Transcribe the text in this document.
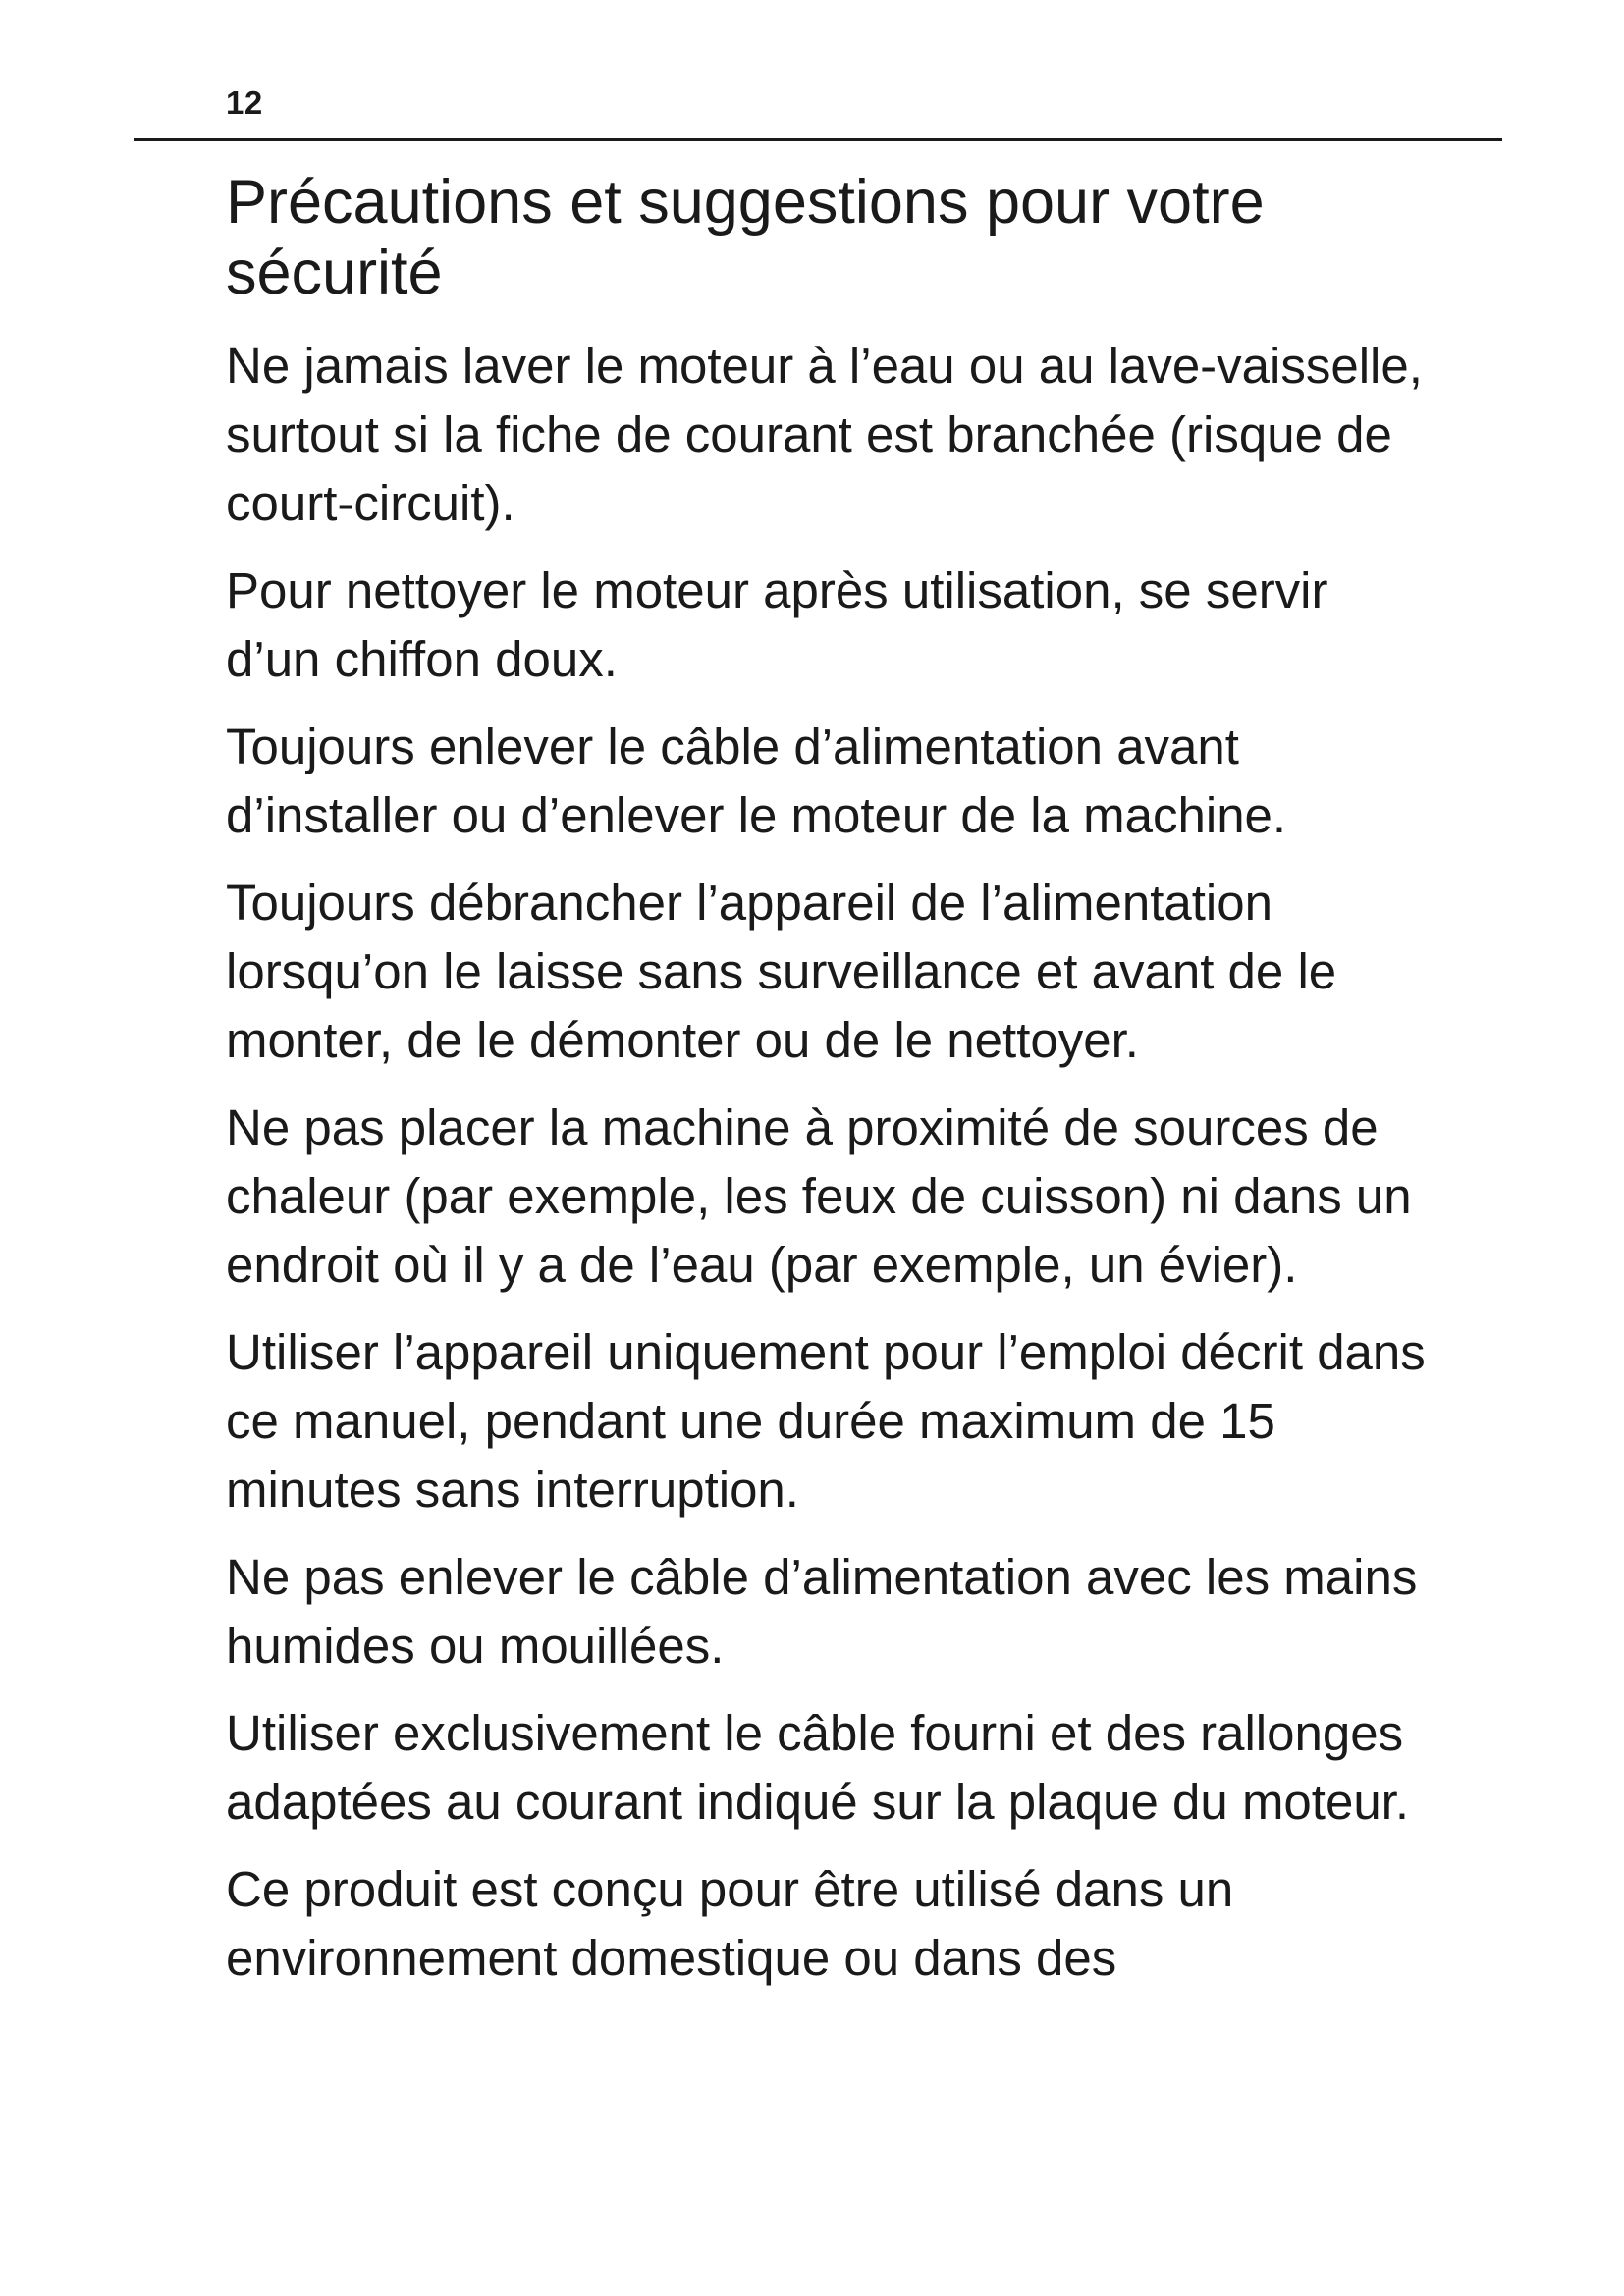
12
Précautions et suggestions pour votre sécurité

Ne jamais laver le moteur à l’eau ou au lave-vaisselle, surtout si la fiche de courant est branchée (risque de court-circuit).

Pour nettoyer le moteur après utilisation, se servir d’un chiffon doux.

Toujours enlever le câble d’alimentation avant d’installer ou d’enlever le moteur de la machine.

Toujours débrancher l’appareil de l’alimentation lorsqu’on le laisse sans surveillance et avant de le monter, de le démonter ou de le nettoyer.

Ne pas placer la machine à proximité de sources de chaleur (par exemple, les feux de cuisson) ni dans un endroit où il y a de l’eau (par exemple, un évier).

Utiliser l’appareil uniquement pour l’emploi décrit dans ce manuel, pendant une durée maximum de 15 minutes sans interruption.

Ne pas enlever le câble d’alimentation avec les mains humides ou mouillées.

Utiliser exclusivement le câble fourni et des rallonges adaptées au courant indiqué sur la plaque du moteur.

Ce produit est conçu pour être utilisé dans un environnement domestique ou dans des
